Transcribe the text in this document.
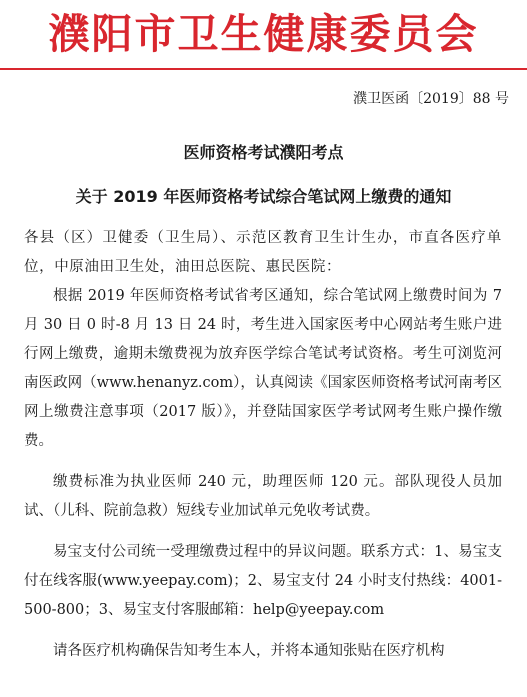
濮阳市卫生健康委员会
濮卫医函〔2019〕88 号
医师资格考试濮阳考点
关于 2019 年医师资格考试综合笔试网上缴费的通知

各县（区）卫健委（卫生局）、示范区教育卫生计生办，市直各医疗单位，中原油田卫生处，油田总医院、惠民医院：

根据 2019 年医师资格考试省考区通知，综合笔试网上缴费时间为 7 月 30 日 0 时-8 月 13 日 24 时，考生进入国家医考中心网站考生账户进行网上缴费，逾期未缴费视为放弃医学综合笔试考试资格。考生可浏览河南医政网（www.henanyz.com），认真阅读《国家医师资格考试河南考区网上缴费注意事项（2017 版）》，并登陆国家医学考试网考生账户操作缴费。

缴费标准为执业医师 240 元，助理医师 120 元。部队现役人员加试、（儿科、院前急救）短线专业加试单元免收考试费。

易宝支付公司统一受理缴费过程中的异议问题。联系方式：1、易宝支付在线客服(www.yeepay.com)；2、易宝支付 24 小时支付热线：4001-500-800；3、易宝支付客服邮箱：help@yeepay.com

请各医疗机构确保告知考生本人，并将本通知张贴在医疗机构
